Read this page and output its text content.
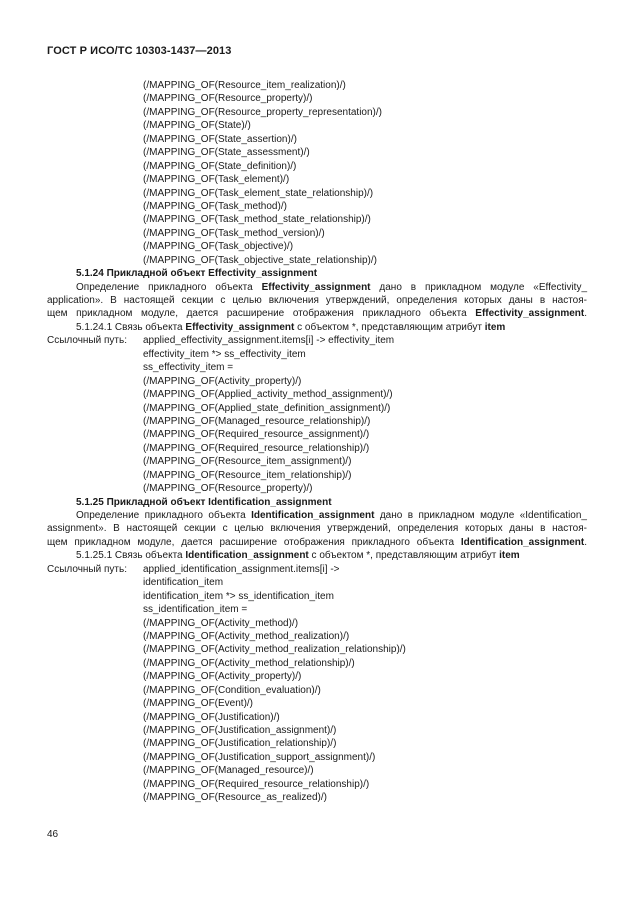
ГОСТ Р ИСО/ТС 10303-1437—2013
(/MAPPING_OF(Resource_item_realization)/)
(/MAPPING_OF(Resource_property)/)
(/MAPPING_OF(Resource_property_representation)/)
(/MAPPING_OF(State)/)
(/MAPPING_OF(State_assertion)/)
(/MAPPING_OF(State_assessment)/)
(/MAPPING_OF(State_definition)/)
(/MAPPING_OF(Task_element)/)
(/MAPPING_OF(Task_element_state_relationship)/)
(/MAPPING_OF(Task_method)/)
(/MAPPING_OF(Task_method_state_relationship)/)
(/MAPPING_OF(Task_method_version)/)
(/MAPPING_OF(Task_objective)/)
(/MAPPING_OF(Task_objective_state_relationship)/)
5.1.24 Прикладной объект Effectivity_assignment
Определение прикладного объекта Effectivity_assignment дано в прикладном модуле «Effectivity_
application». В настоящей секции с целью включения утверждений, определения которых даны в настоя-
щем прикладном модуле, дается расширение отображения прикладного объекта Effectivity_assignment.
5.1.24.1 Связь объекта Effectivity_assignment с объектом *, представляющим атрибут item
Ссылочный путь:	applied_effectivity_assignment.items[i] -> effectivity_item
effectivity_item *> ss_effectivity_item
ss_effectivity_item =
(/MAPPING_OF(Activity_property)/)
(/MAPPING_OF(Applied_activity_method_assignment)/)
(/MAPPING_OF(Applied_state_definition_assignment)/)
(/MAPPING_OF(Managed_resource_relationship)/)
(/MAPPING_OF(Required_resource_assignment)/)
(/MAPPING_OF(Required_resource_relationship)/)
(/MAPPING_OF(Resource_item_assignment)/)
(/MAPPING_OF(Resource_item_relationship)/)
(/MAPPING_OF(Resource_property)/)
5.1.25 Прикладной объект Identification_assignment
Определение прикладного объекта Identification_assignment дано в прикладном модуле «Identification_
assignment». В настоящей секции с целью включения утверждений, определения которых даны в настоя-
щем прикладном модуле, дается расширение отображения прикладного объекта Identification_assignment.
5.1.25.1 Связь объекта Identification_assignment с объектом *, представляющим атрибут item
Ссылочный путь:	applied_identification_assignment.items[i] ->
identification_item
identification_item *> ss_identification_item
ss_identification_item =
(/MAPPING_OF(Activity_method)/)
(/MAPPING_OF(Activity_method_realization)/)
(/MAPPING_OF(Activity_method_realization_relationship)/)
(/MAPPING_OF(Activity_method_relationship)/)
(/MAPPING_OF(Activity_property)/)
(/MAPPING_OF(Condition_evaluation)/)
(/MAPPING_OF(Event)/)
(/MAPPING_OF(Justification)/)
(/MAPPING_OF(Justification_assignment)/)
(/MAPPING_OF(Justification_relationship)/)
(/MAPPING_OF(Justification_support_assignment)/)
(/MAPPING_OF(Managed_resource)/)
(/MAPPING_OF(Required_resource_relationship)/)
(/MAPPING_OF(Resource_as_realized)/)
46
